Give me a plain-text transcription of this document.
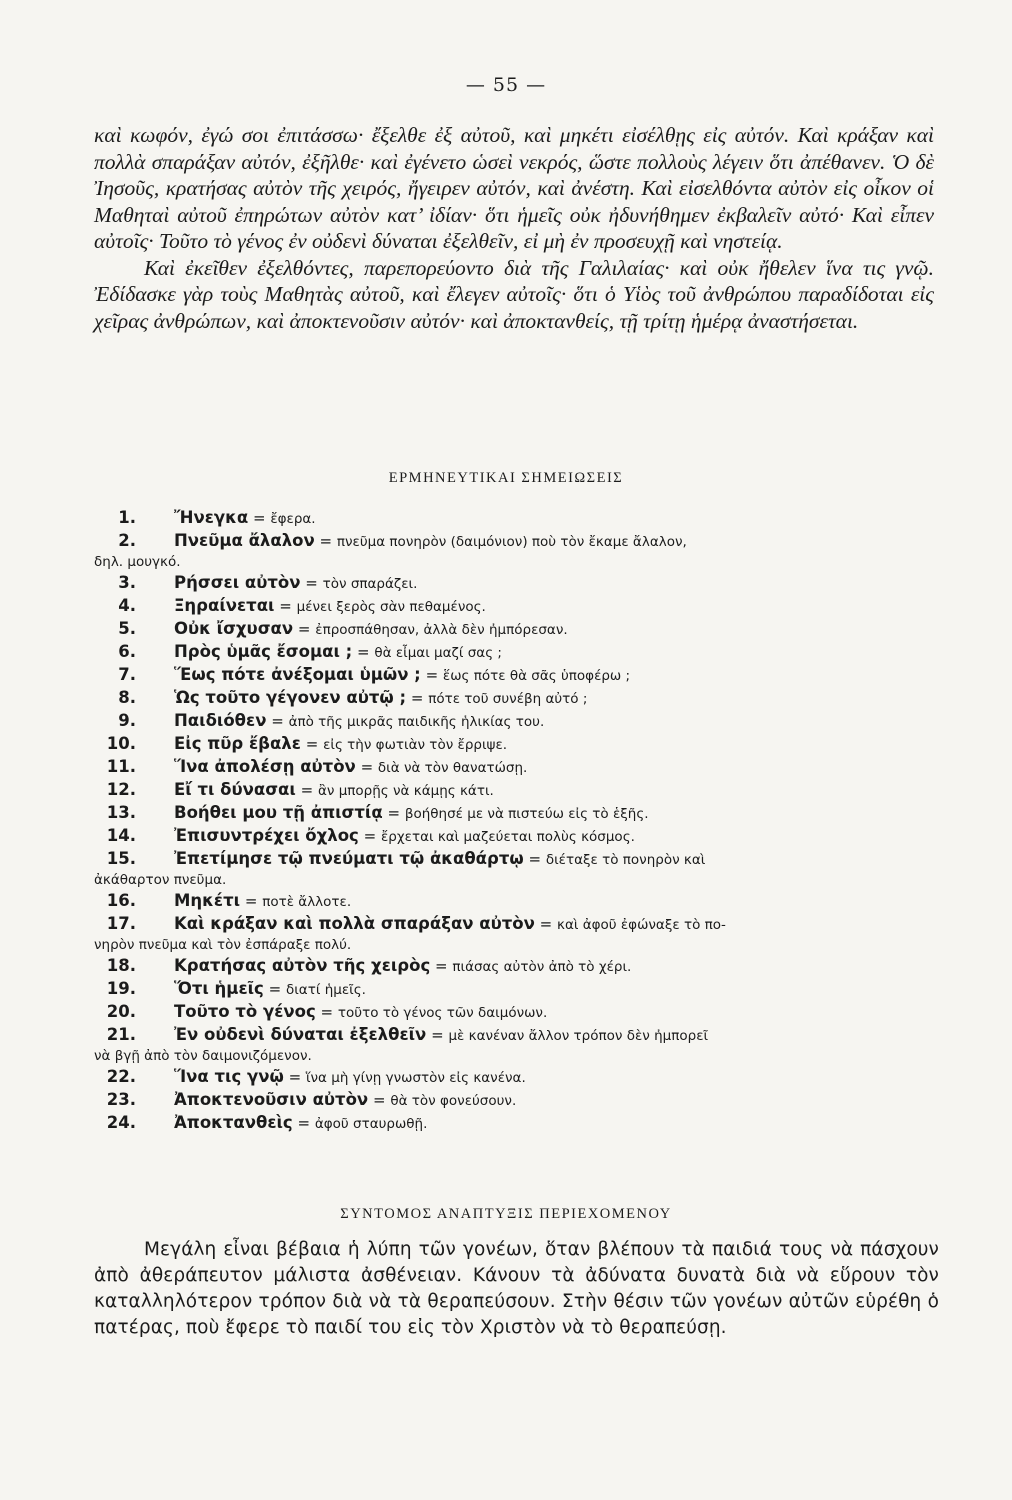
— 55 —

καὶ κωφόν, ἐγώ σοι ἐπιτάσσω· ἔξελθε ἐξ αὐτοῦ, καὶ μηκέτι εἰσέλθῃς εἰς αὐτόν. Καὶ κράξαν καὶ πολλὰ σπαράξαν αὐτόν, ἐξῆλθε· καὶ ἐγένετο ὡσεὶ νεκρός, ὥστε πολλοὺς λέγειν ὅτι ἀπέθανεν. Ὁ δὲ Ἰησοῦς, κρατήσας αὐτὸν τῆς χειρός, ἤγειρεν αὐτόν, καὶ ἀνέστη. Καὶ εἰσελθόντα αὐτὸν εἰς οἶκον οἱ Μαθηταὶ αὐτοῦ ἐπηρώτων αὐτὸν κατ’ ἰδίαν· ὅτι ἡμεῖς οὐκ ἠδυνήθημεν ἐκβαλεῖν αὐτό· Καὶ εἶπεν αὐτοῖς· Τοῦτο τὸ γένος ἐν οὐδενὶ δύναται ἐξελθεῖν, εἰ μὴ ἐν προσευχῇ καὶ νηστείᾳ.

Καὶ ἐκεῖθεν ἐξελθόντες, παρεπορεύοντο διὰ τῆς Γαλιλαίας· καὶ οὐκ ἤθελεν ἵνα τις γνῷ. Ἐδίδασκε γὰρ τοὺς Μαθητὰς αὐτοῦ, καὶ ἔλεγεν αὐτοῖς· ὅτι ὁ Υἱὸς τοῦ ἀνθρώπου παραδίδοται εἰς χεῖρας ἀνθρώπων, καὶ ἀποκτενοῦσιν αὐτόν· καὶ ἀποκτανθείς, τῇ τρίτῃ ἡμέρᾳ ἀναστήσεται.

ΕΡΜΗΝΕΥΤΙΚΑΙ ΣΗΜΕΙΩΣΕΙΣ
1. Ἤνεγκα = ἔφερα.
2. Πνεῦμα ἄλαλον = πνεῦμα πονηρὸν (δαιμόνιον) ποὺ τὸν ἔκαμε ἄλαλον,
δηλ. μουγκό.
3. Ρήσσει αὐτὸν = τὸν σπαράζει.
4. Ξηραίνεται = μένει ξερὸς σὰν πεθαμένος.
5. Οὐκ ἴσχυσαν = ἐπροσπάθησαν, ἀλλὰ δὲν ἠμπόρεσαν.
6. Πρὸς ὑμᾶς ἔσομαι ; = θὰ εἶμαι μαζί σας ;
7. Ἕως πότε ἀνέξομαι ὑμῶν ; = ἕως πότε θὰ σᾶς ὑποφέρω ;
8. Ὡς τοῦτο γέγονεν αὐτῷ ; = πότε τοῦ συνέβη αὐτό ;
9. Παιδιόθεν = ἀπὸ τῆς μικρᾶς παιδικῆς ἡλικίας του.
10. Εἰς πῦρ ἔβαλε = εἰς τὴν φωτιὰν τὸν ἔρριψε.
11. Ἵνα ἀπολέσῃ αὐτὸν = διὰ νὰ τὸν θανατώσῃ.
12. Εἴ τι δύνασαι = ἂν μπορῇς νὰ κάμῃς κάτι.
13. Βοήθει μου τῇ ἀπιστίᾳ = βοήθησέ με νὰ πιστεύω εἰς τὸ ἑξῆς.
14. Ἐπισυντρέχει ὄχλος = ἔρχεται καὶ μαζεύεται πολὺς κόσμος.
15. Ἐπετίμησε τῷ πνεύματι τῷ ἀκαθάρτῳ = διέταξε τὸ πονηρὸν καὶ
ἀκάθαρτον πνεῦμα.
16. Μηκέτι = ποτὲ ἄλλοτε.
17. Καὶ κράξαν καὶ πολλὰ σπαράξαν αὐτὸν = καὶ ἀφοῦ ἐφώναξε τὸ πο-
νηρὸν πνεῦμα καὶ τὸν ἐσπάραξε πολύ.
18. Κρατήσας αὐτὸν τῆς χειρὸς = πιάσας αὐτὸν ἀπὸ τὸ χέρι.
19. Ὅτι ἡμεῖς = διατί ἡμεῖς.
20. Τοῦτο τὸ γένος = τοῦτο τὸ γένος τῶν δαιμόνων.
21. Ἐν οὐδενὶ δύναται ἐξελθεῖν = μὲ κανέναν ἄλλον τρόπον δὲν ἠμπορεῖ
νὰ βγῇ ἀπὸ τὸν δαιμονιζόμενον.
22. Ἵνα τις γνῷ = ἵνα μὴ γίνῃ γνωστὸν εἰς κανένα.
23. Ἀποκτενοῦσιν αὐτὸν = θὰ τὸν φονεύσουν.
24. Ἀποκτανθεὶς = ἀφοῦ σταυρωθῇ.
ΣΥΝΤΟΜΟΣ ΑΝΑΠΤΥΞΙΣ ΠΕΡΙΕΧΟΜΕΝΟΥ

Μεγάλη εἶναι βέβαια ἡ λύπη τῶν γονέων, ὅταν βλέπουν τὰ παιδιά τους νὰ πάσχουν ἀπὸ ἀθεράπευτον μάλιστα ἀσθένειαν. Κάνουν τὰ ἀδύνατα δυνατὰ διὰ νὰ εὕρουν τὸν καταλληλότερον τρόπον διὰ νὰ τὰ θεραπεύσουν. Στὴν θέσιν τῶν γονέων αὐτῶν εὑρέθη ὁ πατέρας, ποὺ ἔφερε τὸ παιδί του εἰς τὸν Χριστὸν νὰ τὸ θεραπεύσῃ.
